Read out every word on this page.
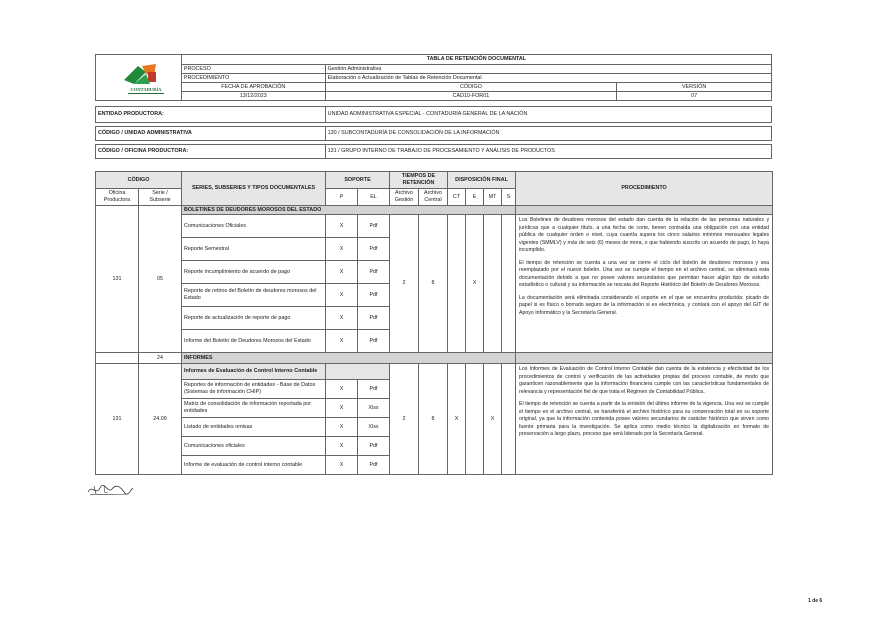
CONTADURÍA
	TABLA DE RETENCIÓN DOCUMENTAL		
	PROCESO	Gestión Administrativa	
	PROCEDIMIENTO	Elaboración o Actualización de Tablas de Retención Documental	
	FECHA DE APROBACIÓN	CÓDIGO	VERSIÓN
	13/12/2023	CAD10-FOR01	07

ENTIDAD PRODUCTORA:		UNIDAD ADMINISTRATIVA ESPECIAL - CONTADURÍA GENERAL DE LA NACIÓN	

CÓDIGO / UNIDAD ADMINISTRATIVA		130 / SUBCONTADURÍA DE CONSOLIDACIÓN DE LA INFORMACIÓN	

CÓDIGO / OFICINA PRODUCTORA:		131 / GRUPO INTERNO DE TRABAJO DE PROCESAMIENTO Y ANÁLISIS DE PRODUCTOS	
CÓDIGO		SERIES, SUBSERIES Y TIPOS DOCUMENTALES	SOPORTE		TIEMPOS DE RETENCIÓN		DISPOSICIÓN FINAL				PROCEDIMIENTO
Oficina Productora	Serie / Subserie		P	EL	Archivo Gestión	Archivo Central	CT	E	MT	S	
131	05	BOLETINES DE DEUDORES MOROSOS DEL ESTADO									
		Comunicaciones Oficiales	X	Pdf	2	8		X			Los Boletines de deudores morosos del estado dan cuenta de la relación de las personas naturales y jurídicas que a cualquier título, a una fecha de corte, tienen contraída una obligación con una entidad pública de cualquier orden o nivel, cuya cuantía supera los cinco salarios mínimos mensuales legales vigentes (SMMLV) y más de seis (6) meses de mora, o que habiendo suscrito un acuerdo de pago, lo haya incumplido.

El tiempo de retención se cuenta a una vez se cierre el ciclo del boletín de deudores morosos y sea reemplazado por el nuevo boletín. Una vez se cumple el tiempo en el archivo central, se eliminará esta documentación debido a que no posee valores secundarios que permitan hacer algún tipo de estudio estadístico o cultural y su información se rescata del Reporte Histórico del Boletín de Deudores Morosos.

La documentación será eliminada considerando el soporte en el que se encuentra producida: picado de papel si es físico o borrado seguro de la información si es electrónica, y contará con el apoyo del GIT de Apoyo Informático y la Secretaría General.

		Reporte Semestral	X	Pdf							
		Reporte incumplimiento de acuerdo de pago	X	Pdf							
		Reporte de retiros del Boletín de deudores morosos del Estado	X	Pdf							
		Reporte de actualización de reporte de pago	X	Pdf							
		Informe del Boletín de Deudores Morosos del Estado	X	Pdf							
	24	INFORMES									
131	24.09	Informes de Evaluación de Control Interno Contable			2	8	X		X		Los Informes de Evaluación de Control Interno Contable dan cuenta de la existencia y efectividad de los procedimientos de control y verificación de las actividades propias del proceso contable, de modo que garanticen razonablemente que la información financiera cumple con las características fundamentales de relevancia y representación fiel de que trata el Régimen de Contabilidad Pública.

El tiempo de retención se cuenta a partir de la emisión del último informe de la vigencia. Una vez se cumple el tiempo en el archivo central, se transferirá el archivo histórico para su conservación total en su soporte original, ya que la información contenida posee valores secundarios de carácter histórico que sirven como fuente primaria para la investigación. Se aplica como medio técnico la digitalización en formato de preservación a largo plazo, proceso que será liderado por la Secretaría General.

		Reportes de información de entidades - Base de Datos (Sistemas de información CHIP)	X	Pdf							
		Matriz de consolidación de información reportada por entidades	X	Xlsx							
		Listado de entidades omisas	X	Xlsx							
		Comunicaciones oficiales	X	Pdf							
		Informe de evaluación de control interno contable	X	Pdf							
1 de 6
